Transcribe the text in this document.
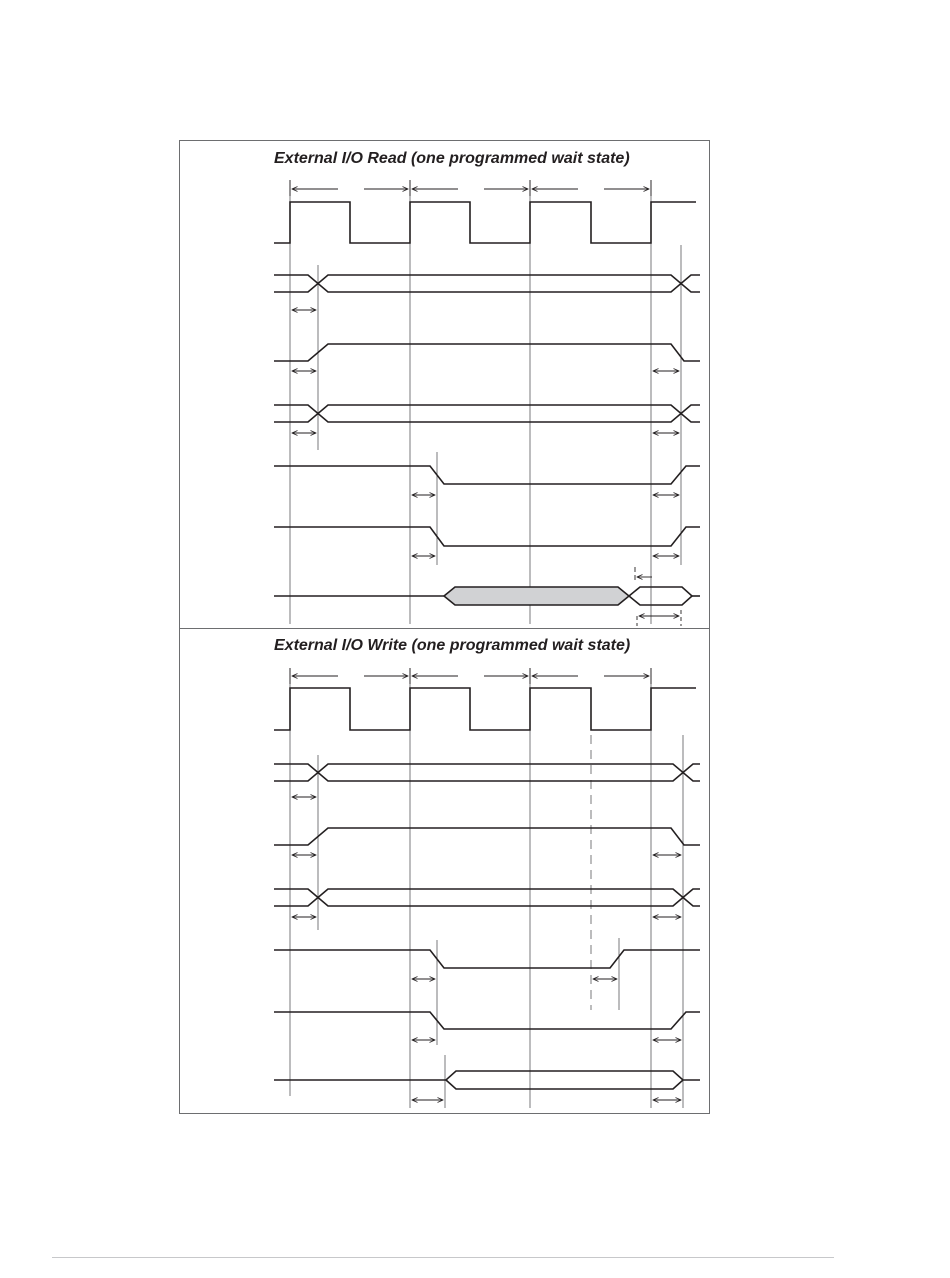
External I/O Read (one programmed wait state)
External I/O Write (one programmed wait state)
